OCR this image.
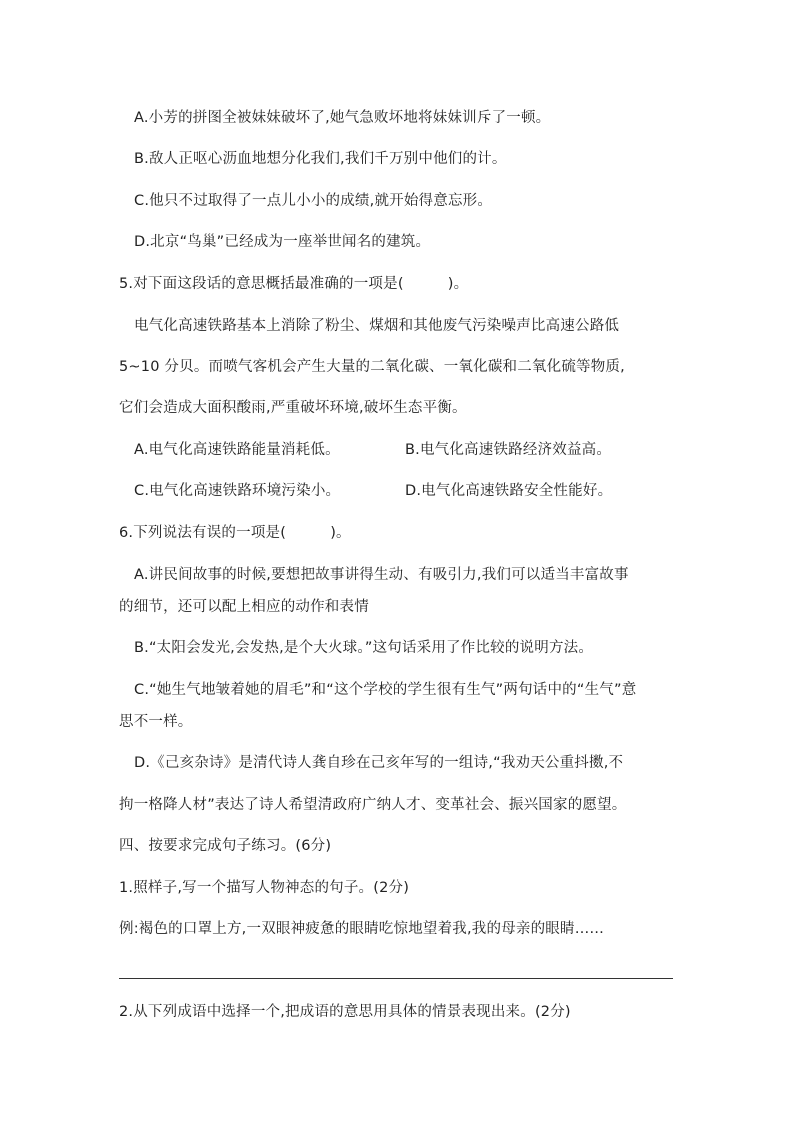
A.小芳的拼图全被妹妹破坏了,她气急败坏地将妹妹训斥了一顿。
B.敌人正呕心沥血地想分化我们,我们千万别中他们的计。
C.他只不过取得了一点儿小小的成绩,就开始得意忘形。
D.北京“鸟巢”已经成为一座举世闻名的建筑。
5.对下面这段话的意思概括最准确的一项是(　　　)。
电气化高速铁路基本上消除了粉尘、煤烟和其他废气污染噪声比高速公路低
5~10 分贝。而喷气客机会产生大量的二氧化碳、一氧化碳和二氧化硫等物质,
它们会造成大面积酸雨,严重破坏环境,破坏生态平衡。
A.电气化高速铁路能量消耗低。	B.电气化高速铁路经济效益高。
C.电气化高速铁路环境污染小。	D.电气化高速铁路安全性能好。
6.下列说法有误的一项是(　　　)。
A.讲民间故事的时候,要想把故事讲得生动、有吸引力,我们可以适当丰富故事
的细节，还可以配上相应的动作和表情
B.“太阳会发光,会发热,是个大火球。”这句话采用了作比较的说明方法。
C.“她生气地皱着她的眉毛”和“这个学校的学生很有生气”两句话中的“生气”意
思不一样。
D.《己亥杂诗》是清代诗人龚自珍在己亥年写的一组诗,“我劝天公重抖擞,不
拘一格降人材”表达了诗人希望清政府广纳人才、变革社会、振兴国家的愿望。
四、按要求完成句子练习。(6分)
1.照样子,写一个描写人物神态的句子。(2分)
例:褐色的口罩上方,一双眼神疲惫的眼睛吃惊地望着我,我的母亲的眼睛……
2.从下列成语中选择一个,把成语的意思用具体的情景表现出来。(2分)
